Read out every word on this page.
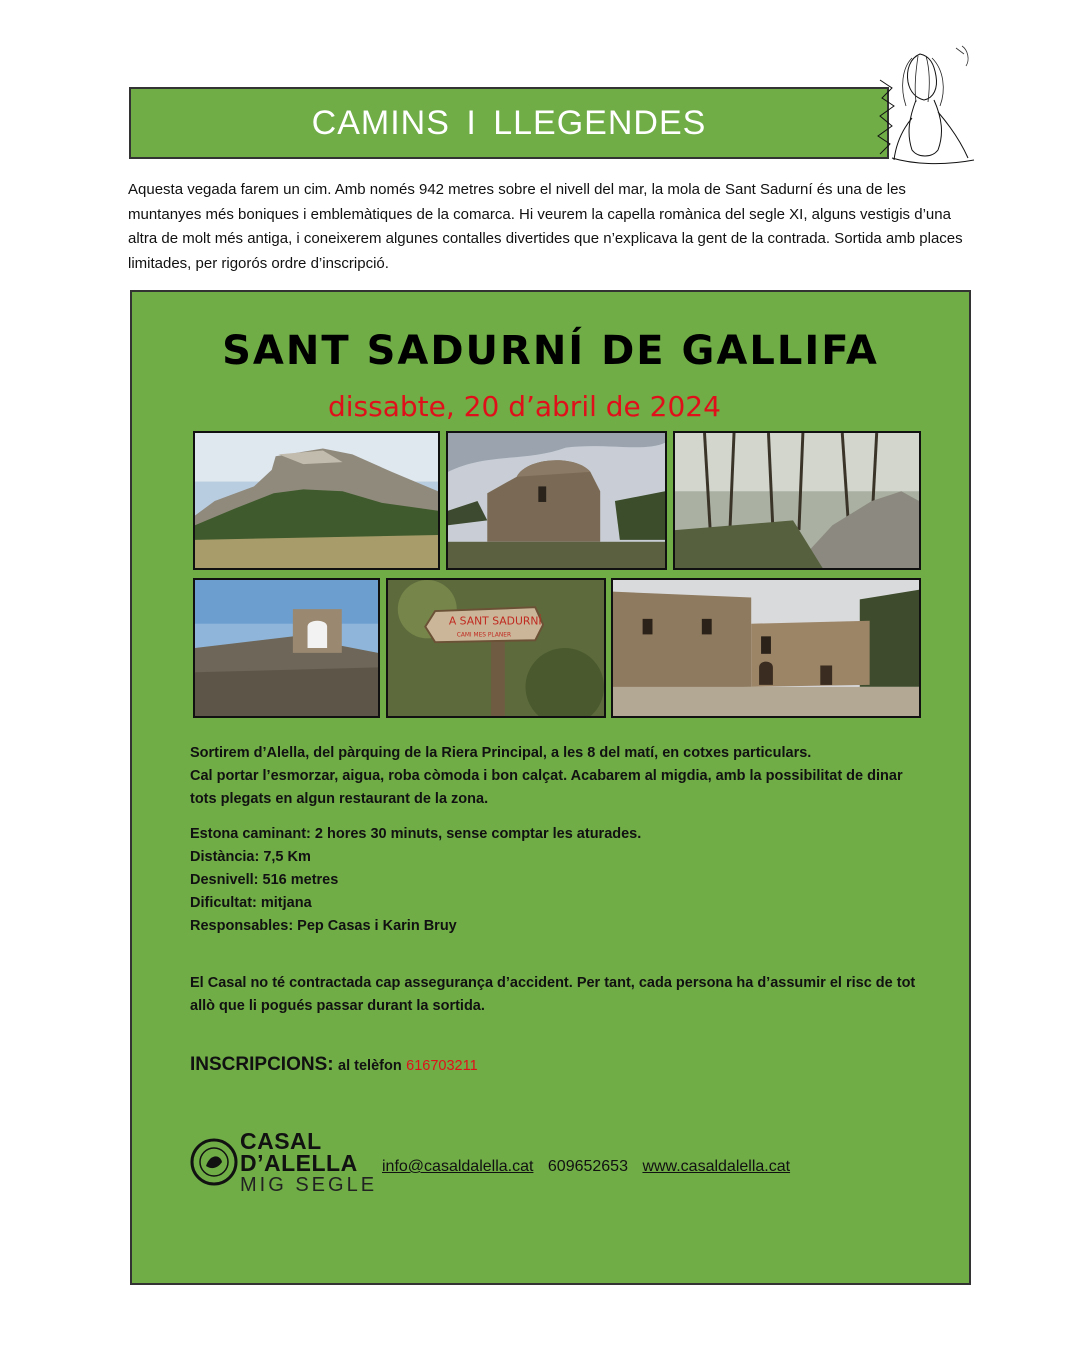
CAMINS I LLEGENDES
Aquesta vegada farem un cim. Amb només 942 metres sobre el nivell del mar, la mola de Sant Sadurní és una de les muntanyes més boniques i emblemàtiques de la comarca. Hi veurem la capella romànica del segle XI, alguns vestigis d’una altra de molt més antiga, i coneixerem algunes contalles divertides que n’explicava la gent de la contrada. Sortida amb places limitades, per rigorós ordre d’inscripció.
SANT SADURNÍ DE GALLIFA
dissabte, 20 d’abril de 2024
A SANT SADURNÍ
CAMI MES PLANER

Sortirem d’Alella, del pàrquing de la Riera Principal, a les 8 del matí, en cotxes particulars.

Cal portar l’esmorzar, aigua, roba còmoda i bon calçat. Acabarem al migdia, amb la possibilitat de dinar tots plegats en algun restaurant de la zona.

Estona caminant: 2 hores 30 minuts, sense comptar les aturades.

Distància: 7,5 Km

Desnivell: 516 metres

Dificultat: mitjana

Responsables: Pep Casas i Karin Bruy

El Casal no té contractada cap assegurança d’accident. Per tant, cada persona ha d’assumir el risc de tot allò que li pogués passar durant la sortida.

INSCRIPCIONS: al telèfon 616703211
CASAL
D’ALELLA
MIG SEGLE
info@casaldalella.cat 609652653 www.casaldalella.cat
